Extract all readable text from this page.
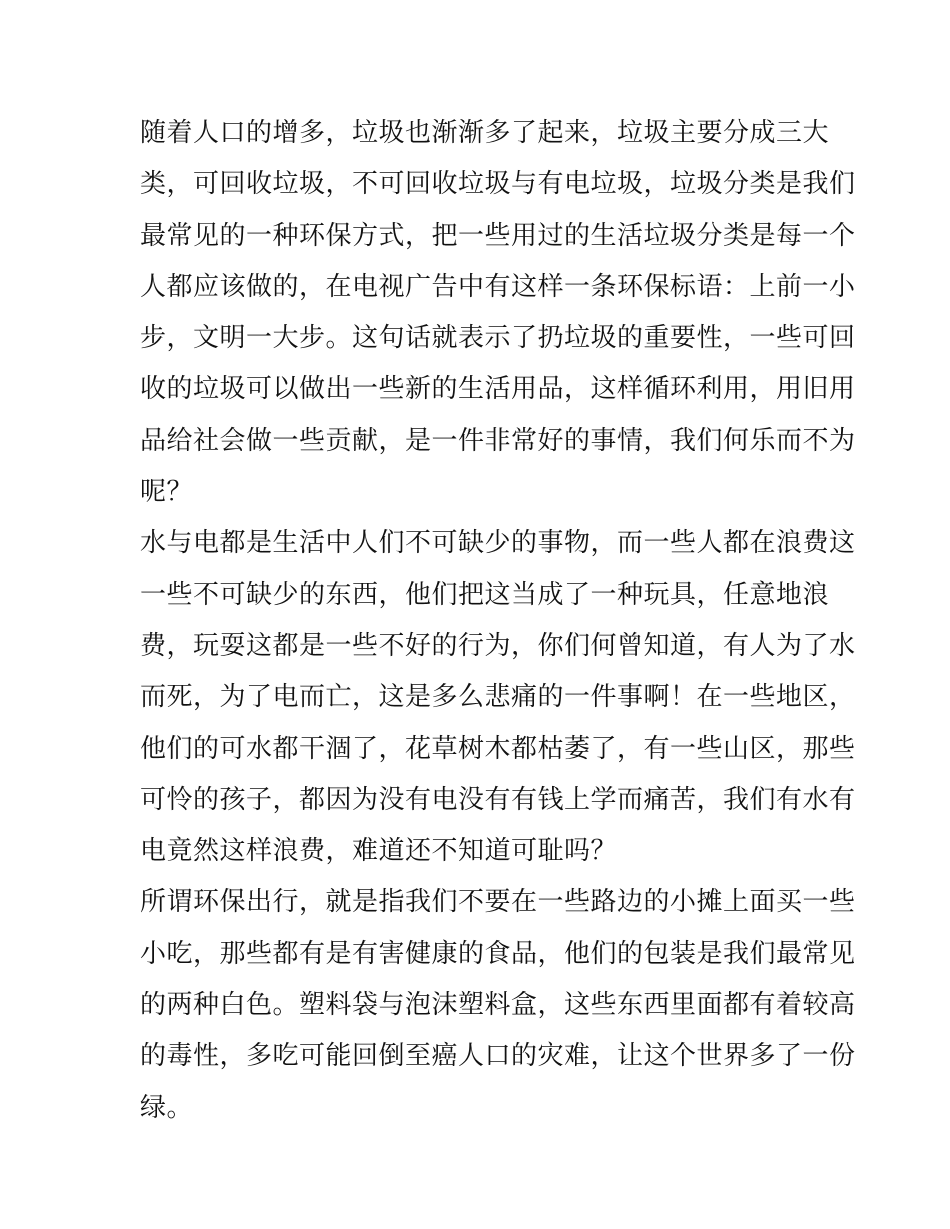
随着人口的增多，垃圾也渐渐多了起来，垃圾主要分成三大
类，可回收垃圾，不可回收垃圾与有电垃圾，垃圾分类是我们
最常见的一种环保方式，把一些用过的生活垃圾分类是每一个
人都应该做的，在电视广告中有这样一条环保标语：上前一小
步，文明一大步。这句话就表示了扔垃圾的重要性，一些可回
收的垃圾可以做出一些新的生活用品，这样循环利用，用旧用
品给社会做一些贡献，是一件非常好的事情，我们何乐而不为
呢？
水与电都是生活中人们不可缺少的事物，而一些人都在浪费这
一些不可缺少的东西，他们把这当成了一种玩具，任意地浪
费，玩耍这都是一些不好的行为，你们何曾知道，有人为了水
而死，为了电而亡，这是多么悲痛的一件事啊！在一些地区，
他们的可水都干涸了，花草树木都枯萎了，有一些山区，那些
可怜的孩子，都因为没有电没有有钱上学而痛苦，我们有水有
电竟然这样浪费，难道还不知道可耻吗？
所谓环保出行，就是指我们不要在一些路边的小摊上面买一些
小吃，那些都有是有害健康的食品，他们的包装是我们最常见
的两种白色。塑料袋与泡沫塑料盒，这些东西里面都有着较高
的毒性，多吃可能回倒至癌人口的灾难，让这个世界多了一份
绿。
